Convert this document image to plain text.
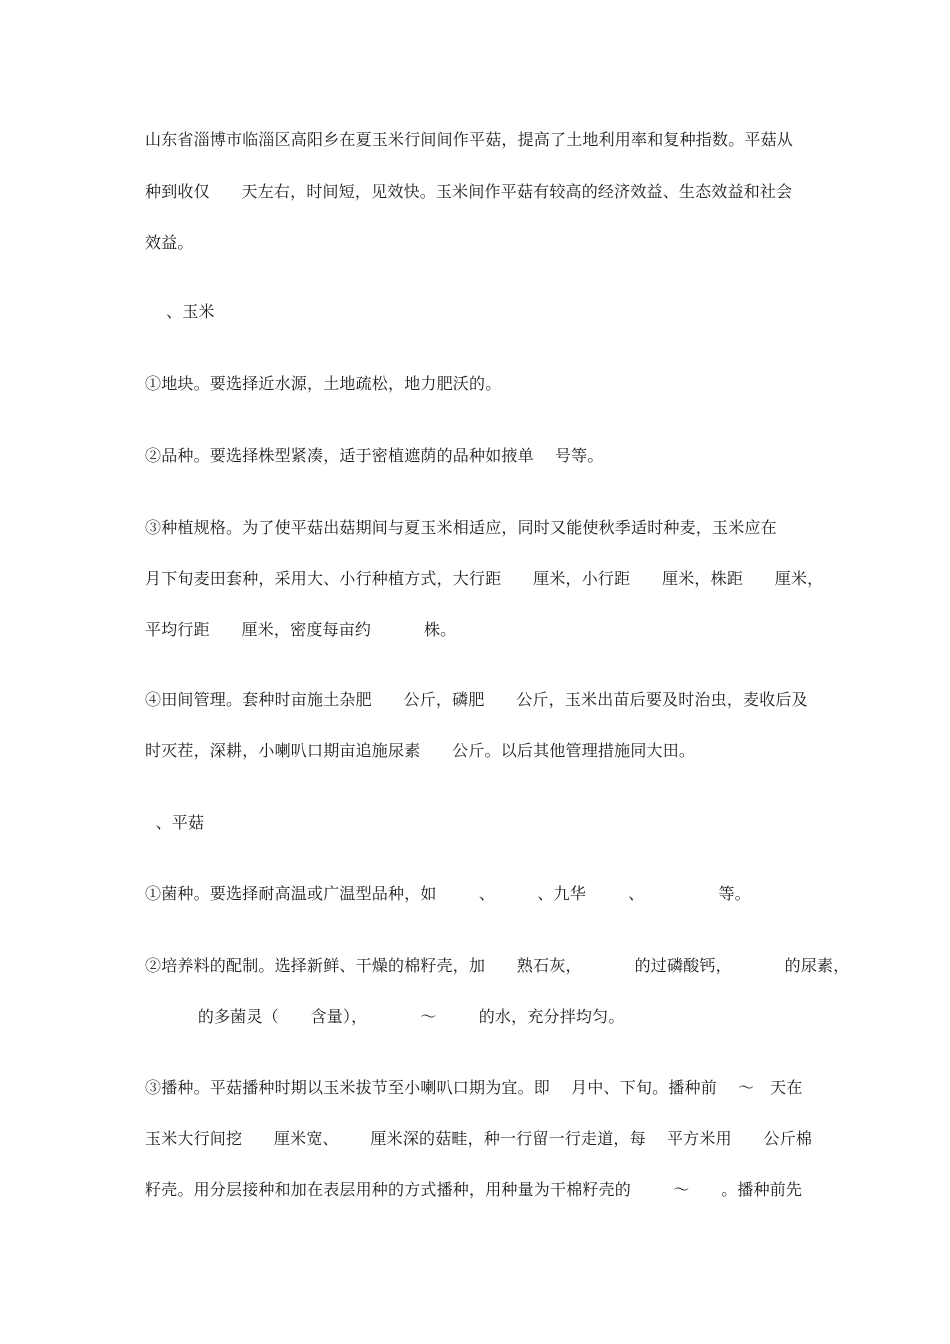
山东省淄博市临淄区高阳乡在夏玉米行间间作平菇，提高了土地利用率和复种指数。平菇从
种到收仅      天左右，时间短，见效快。玉米间作平菇有较高的经济效益、生态效益和社会
效益。
、玉米
①地块。要选择近水源，土地疏松，地力肥沃的。
②品种。要选择株型紧凑，适于密植遮荫的品种如掖单    号等。
③种植规格。为了使平菇出菇期间与夏玉米相适应，同时又能使秋季适时种麦，玉米应在
月下旬麦田套种，采用大、小行种植方式，大行距      厘米，小行距      厘米，株距      厘米，
平均行距      厘米，密度每亩约          株。
④田间管理。套种时亩施土杂肥      公斤，磷肥      公斤，玉米出苗后要及时治虫，麦收后及
时灭茬，深耕，小喇叭口期亩追施尿素      公斤。以后其他管理措施同大田。
、平菇
①菌种。要选择耐高温或广温型品种，如        、        、九华        、              等。
②培养料的配制。选择新鲜、干燥的棉籽壳，加      熟石灰，          的过磷酸钙，          的尿素，
的多菌灵（      含量），          ～        的水，充分拌均匀。
③播种。平菇播种时期以玉米拔节至小喇叭口期为宜。即    月中、下旬。播种前    ～   天在
玉米大行间挖      厘米宽、      厘米深的菇畦，种一行留一行走道，每    平方米用      公斤棉
籽壳。用分层接种和加在表层用种的方式播种，用种量为干棉籽壳的        ～      。播种前先
